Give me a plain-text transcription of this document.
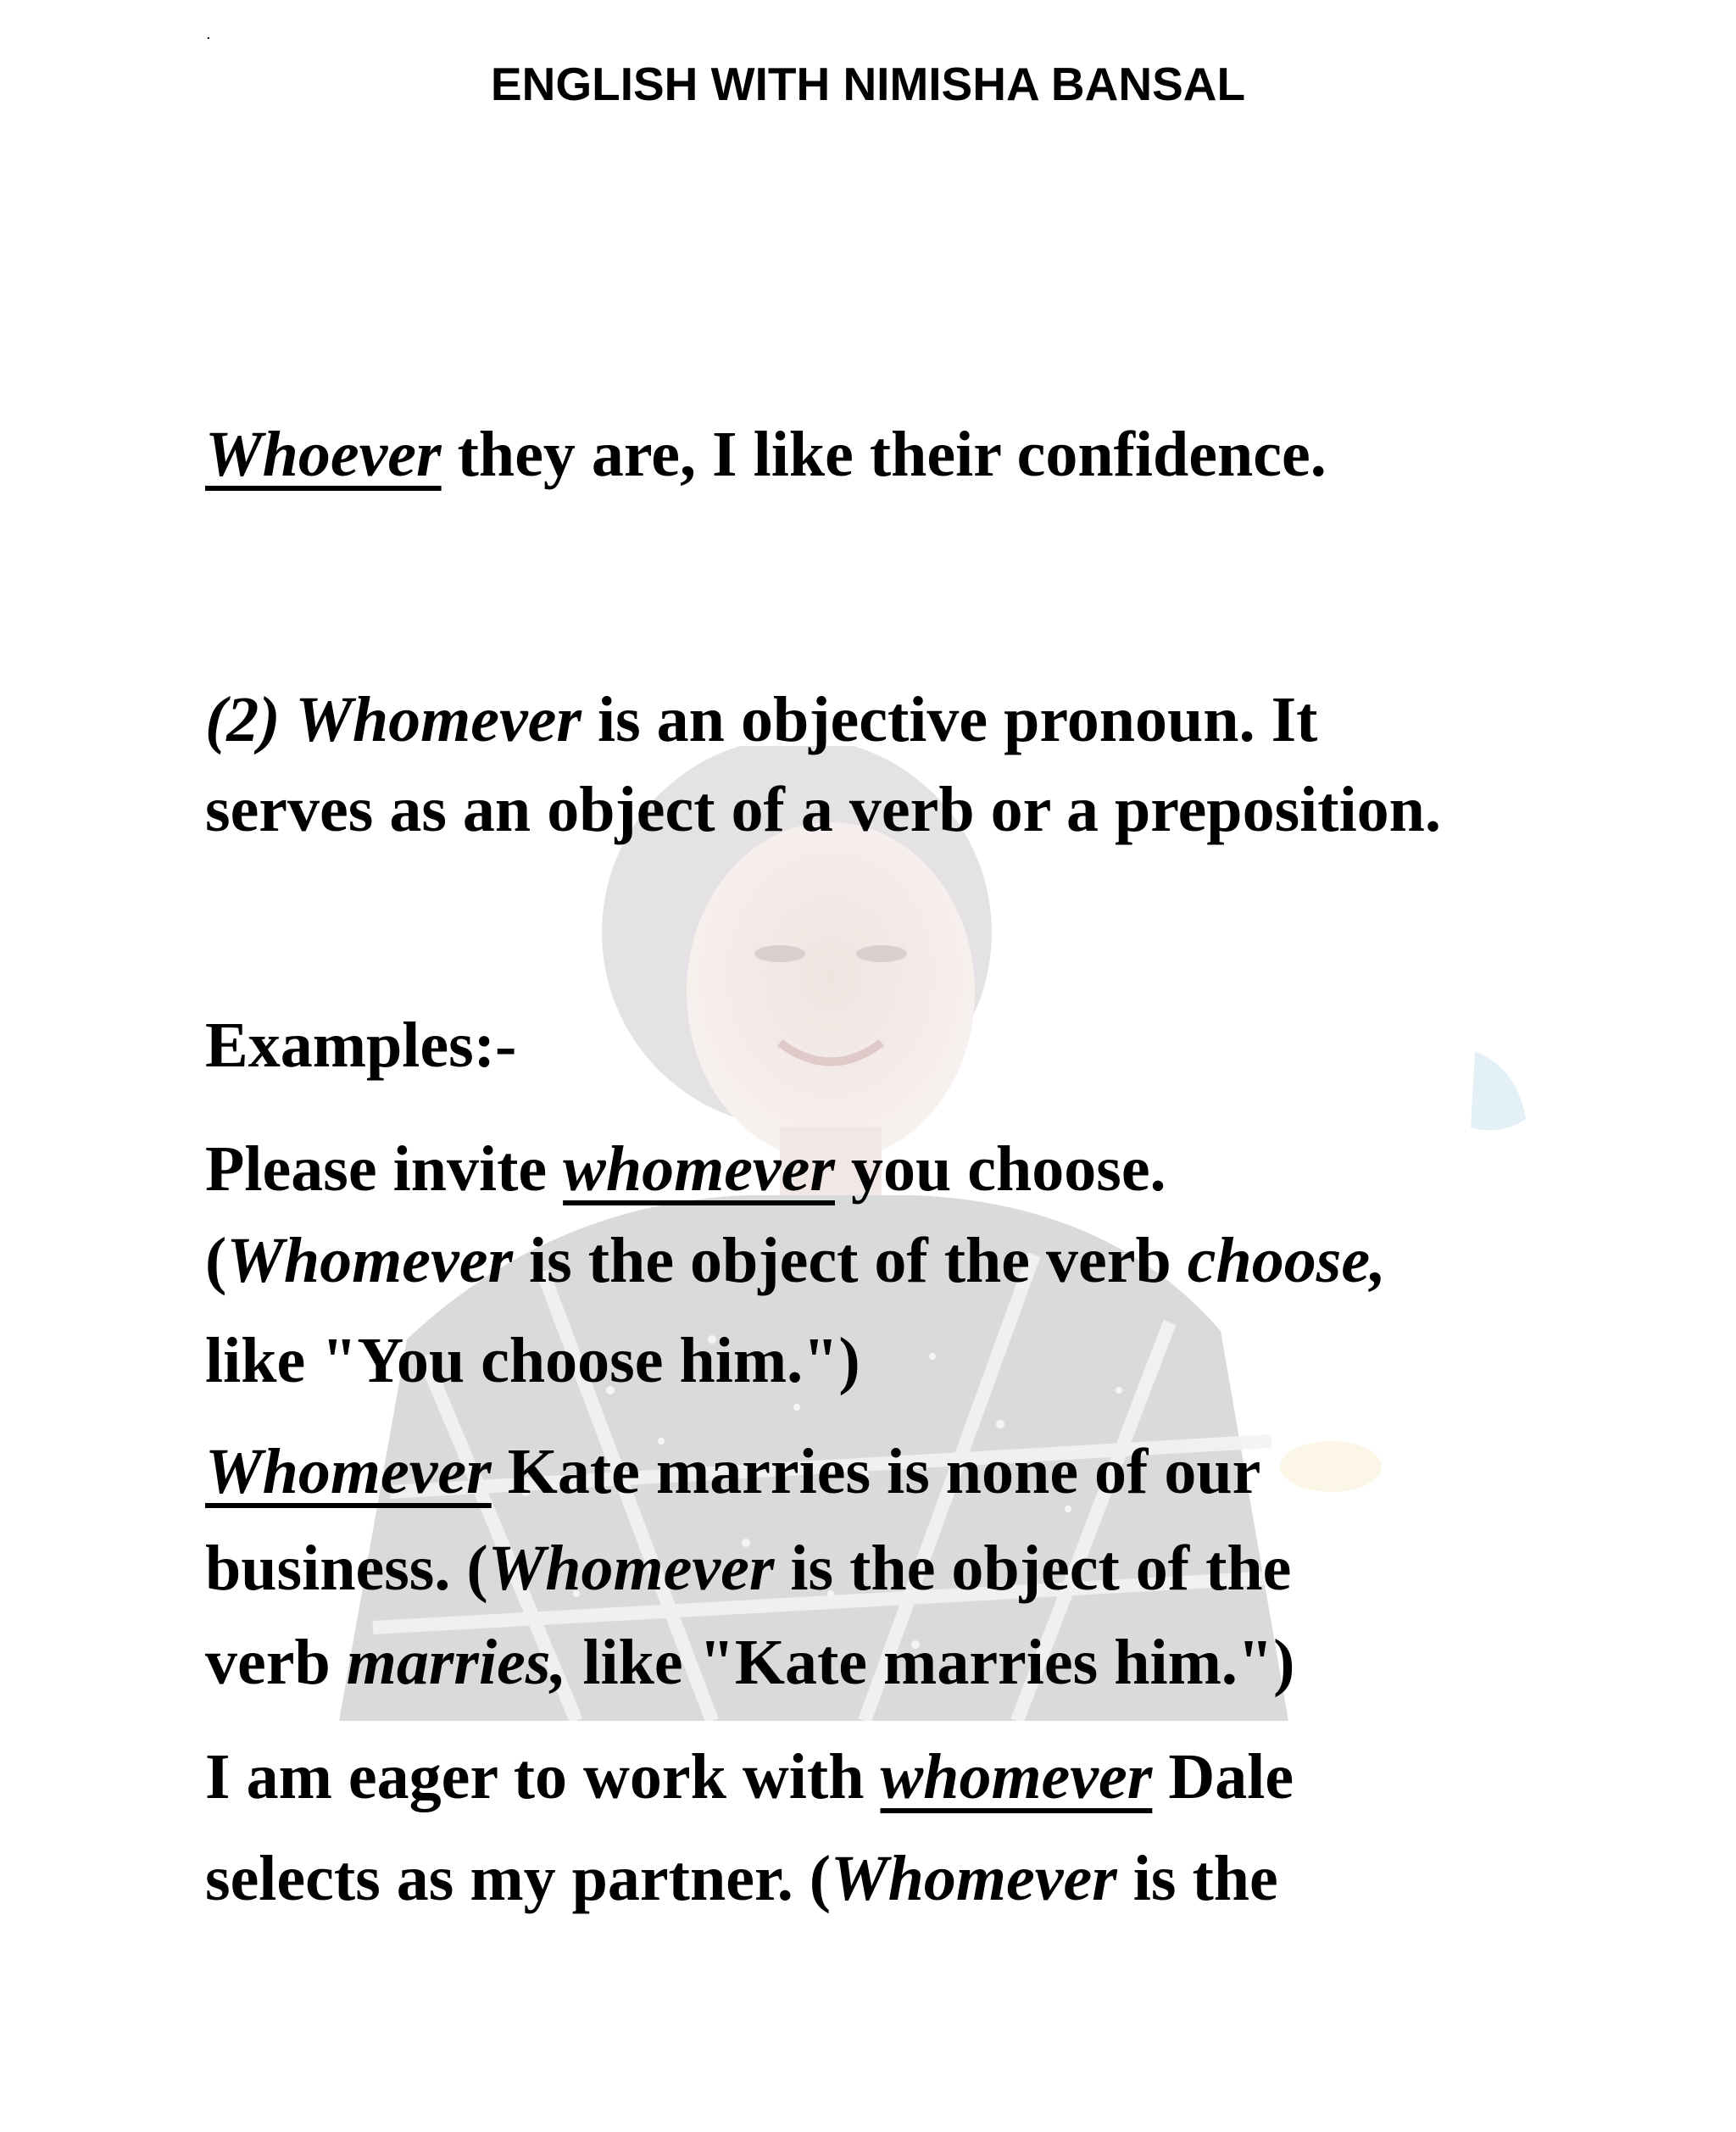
.
ENGLISH WITH NIMISHA BANSAL
Whoever they are, I like their confidence.
(2) Whomever is an objective pronoun. It
serves as an object of a verb or a preposition.
Examples:-
Please invite whomever you choose.
(Whomever is the object of the verb choose,
like "You choose him.")
Whomever Kate marries is none of our
business. (Whomever is the object of the
verb marries, like "Kate marries him.")
I am eager to work with whomever Dale
selects as my partner. (Whomever is the
